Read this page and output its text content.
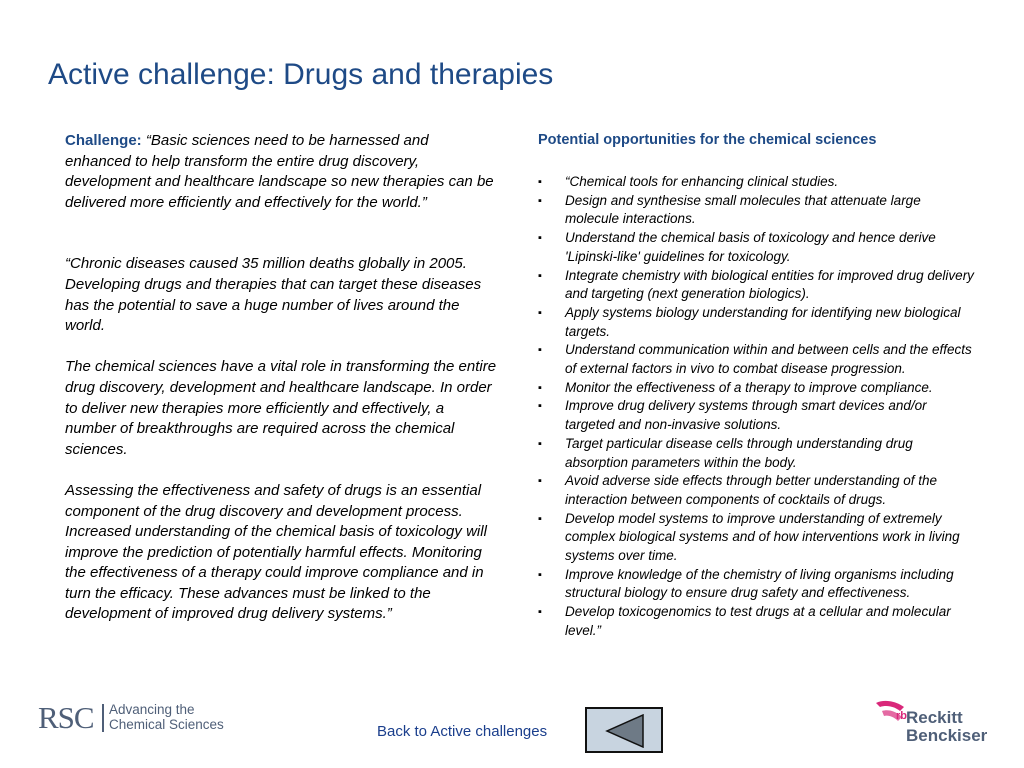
Active challenge: Drugs and therapies

Challenge: “Basic sciences need to be harnessed and enhanced to help transform the entire drug discovery, development and healthcare landscape so new therapies can be delivered more efficiently and effectively for the world.”

“Chronic diseases caused 35 million deaths globally in 2005. Developing drugs and therapies that can target these diseases has the potential to save a huge number of lives around the world.

The chemical sciences have a vital role in transforming the entire drug discovery, development and healthcare landscape. In order to deliver new therapies more efficiently and effectively, a number of breakthroughs are required across the chemical sciences.

Assessing the effectiveness and safety of drugs is an essential component of the drug discovery and development process. Increased understanding of the chemical basis of toxicology will improve the prediction of potentially harmful effects. Monitoring the effectiveness of a therapy could improve compliance and in turn the efficacy. These advances must be linked to the development of improved drug delivery systems.”

Potential opportunities for the chemical sciences
▪ “Chemical tools for enhancing clinical studies.
▪ Design and synthesise small molecules that attenuate large molecule interactions.
▪ Understand the chemical basis of toxicology and hence derive 'Lipinski-like' guidelines for toxicology.
▪ Integrate chemistry with biological entities for improved drug delivery and targeting (next generation biologics).
▪ Apply systems biology understanding for identifying new biological targets.
▪ Understand communication within and between cells and the effects of external factors in vivo to combat disease progression.
▪ Monitor the effectiveness of a therapy to improve compliance.
▪ Improve drug delivery systems through smart devices and/or targeted and non-invasive solutions.
▪ Target particular disease cells through understanding drug absorption parameters within the body.
▪ Avoid adverse side effects through better understanding of the interaction between components of cocktails of drugs.
▪ Develop model systems to improve understanding of extremely complex biological systems and of how interventions work in living systems over time.
▪ Improve knowledge of the chemistry of living organisms including structural biology to ensure drug safety and effectiveness.
▪ Develop toxicogenomics to test drugs at a cellular and molecular level.”
RSC Advancing the
Chemical Sciences	Back to Active challenges
rb Reckitt
Benckiser
